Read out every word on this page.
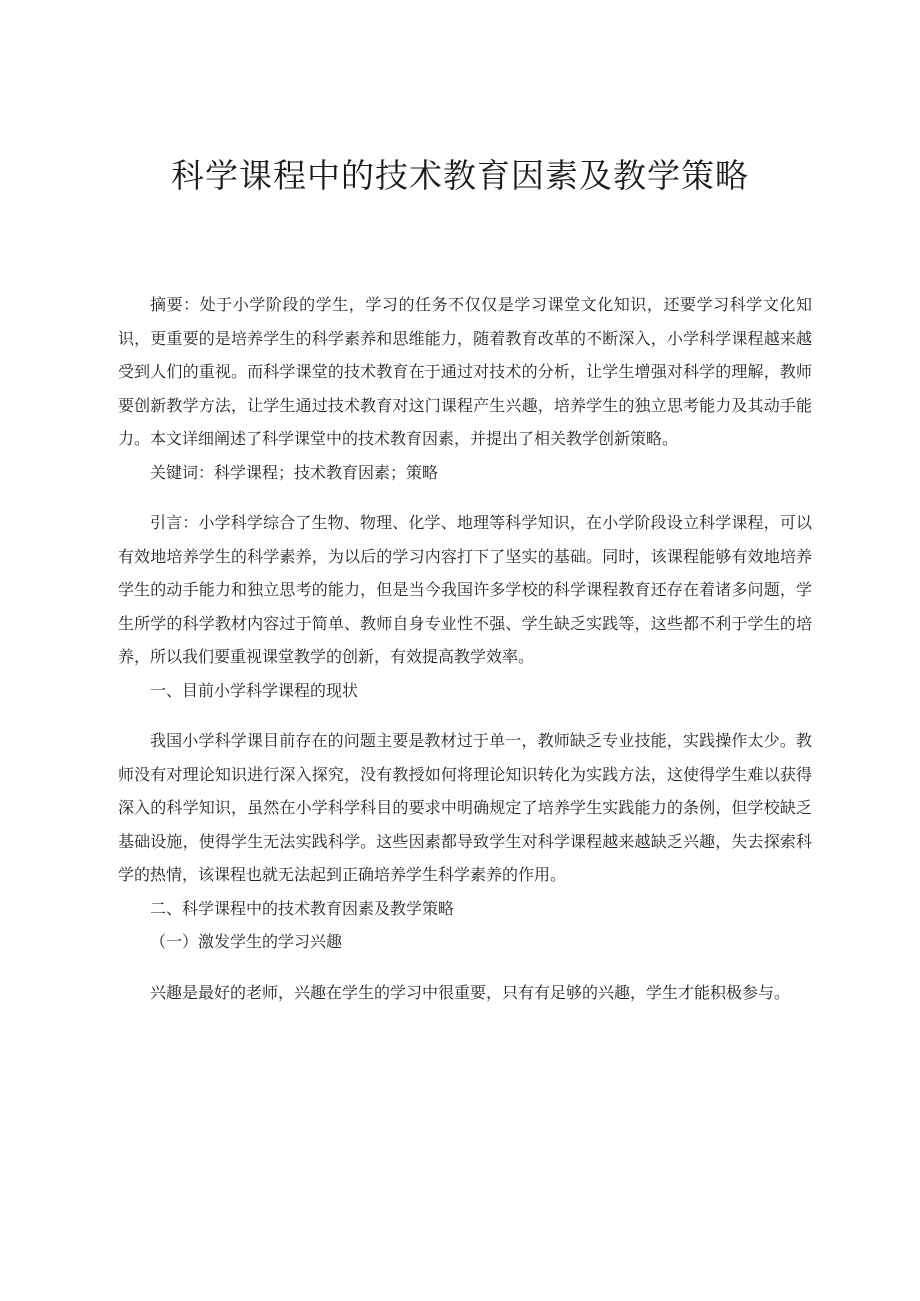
科学课程中的技术教育因素及教学策略

摘要：处于小学阶段的学生，学习的任务不仅仅是学习课堂文化知识，还要学习科学文化知识，更重要的是培养学生的科学素养和思维能力，随着教育改革的不断深入，小学科学课程越来越受到人们的重视。而科学课堂的技术教育在于通过对技术的分析，让学生增强对科学的理解，教师要创新教学方法，让学生通过技术教育对这门课程产生兴趣，培养学生的独立思考能力及其动手能力。本文详细阐述了科学课堂中的技术教育因素，并提出了相关教学创新策略。

关键词：科学课程；技术教育因素；策略

引言：小学科学综合了生物、物理、化学、地理等科学知识，在小学阶段设立科学课程，可以有效地培养学生的科学素养，为以后的学习内容打下了坚实的基础。同时，该课程能够有效地培养学生的动手能力和独立思考的能力，但是当今我国许多学校的科学课程教育还存在着诸多问题，学生所学的科学教材内容过于简单、教师自身专业性不强、学生缺乏实践等，这些都不利于学生的培养，所以我们要重视课堂教学的创新，有效提高教学效率。

一、目前小学科学课程的现状

我国小学科学课目前存在的问题主要是教材过于单一，教师缺乏专业技能，实践操作太少。教师没有对理论知识进行深入探究，没有教授如何将理论知识转化为实践方法，这使得学生难以获得深入的科学知识，虽然在小学科学科目的要求中明确规定了培养学生实践能力的条例，但学校缺乏基础设施，使得学生无法实践科学。这些因素都导致学生对科学课程越来越缺乏兴趣，失去探索科学的热情，该课程也就无法起到正确培养学生科学素养的作用。

二、科学课程中的技术教育因素及教学策略

（一）激发学生的学习兴趣

兴趣是最好的老师，兴趣在学生的学习中很重要，只有有足够的兴趣，学生才能积极参与。
